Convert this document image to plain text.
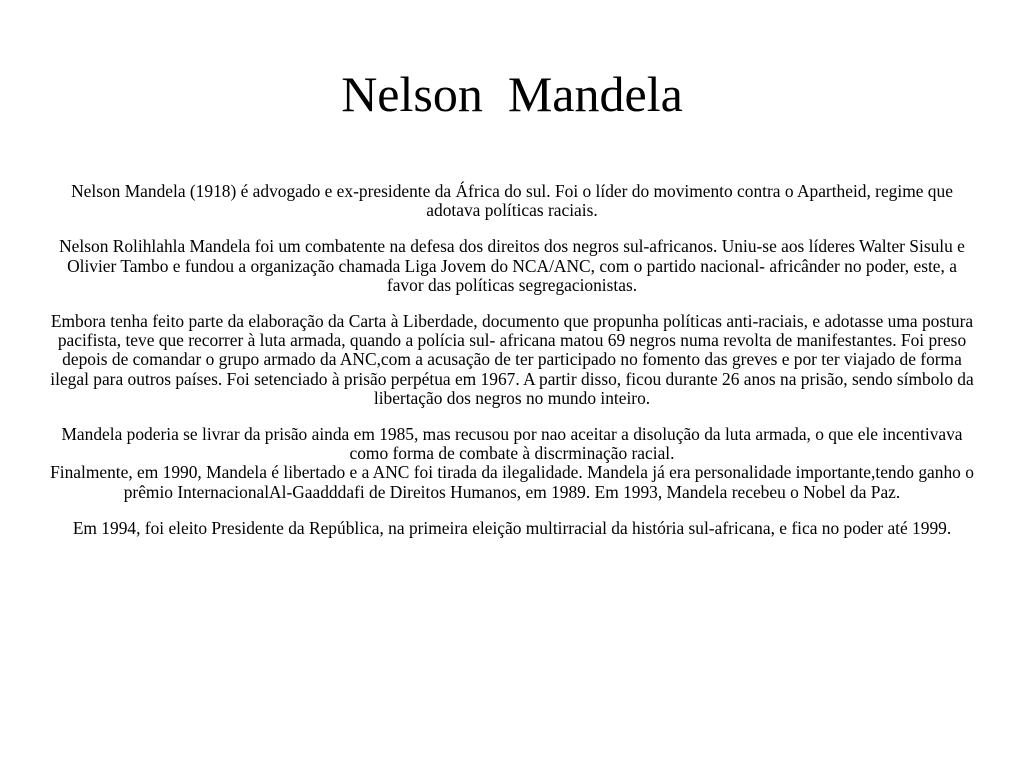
Nelson  Mandela

Nelson Mandela (1918) é advogado e ex-presidente da África do sul. Foi o líder do movimento contra o Apartheid, regime que adotava políticas raciais.

Nelson Rolihlahla Mandela foi um combatente na defesa dos direitos dos negros sul-africanos. Uniu-se aos líderes Walter Sisulu e Olivier Tambo e fundou a organização chamada Liga Jovem do NCA/ANC, com o partido nacional- africânder no poder, este, a favor das políticas segregacionistas.

Embora tenha feito parte da elaboração da Carta à Liberdade, documento que propunha políticas anti-raciais, e adotasse uma postura pacifista, teve que recorrer à luta armada, quando a polícia sul- africana matou 69 negros numa revolta de manifestantes. Foi preso depois de comandar o grupo armado da ANC,com a acusação de ter participado no fomento das greves e por ter viajado de forma ilegal para outros países. Foi setenciado à prisão perpétua em 1967. A partir disso, ficou durante 26 anos na prisão, sendo símbolo da libertação dos negros no mundo inteiro.

Mandela poderia se livrar da prisão ainda em 1985, mas recusou por nao aceitar a disolução da luta armada, o que ele incentivava como forma de combate à discrminação racial.
Finalmente, em 1990, Mandela é libertado e a ANC foi tirada da ilegalidade. Mandela já era personalidade importante,tendo ganho o prêmio InternacionalAl-Gaadddafi de Direitos Humanos, em 1989. Em 1993, Mandela recebeu o Nobel da Paz.

Em 1994, foi eleito Presidente da República, na primeira eleição multirracial da história sul-africana, e fica no poder até 1999.
